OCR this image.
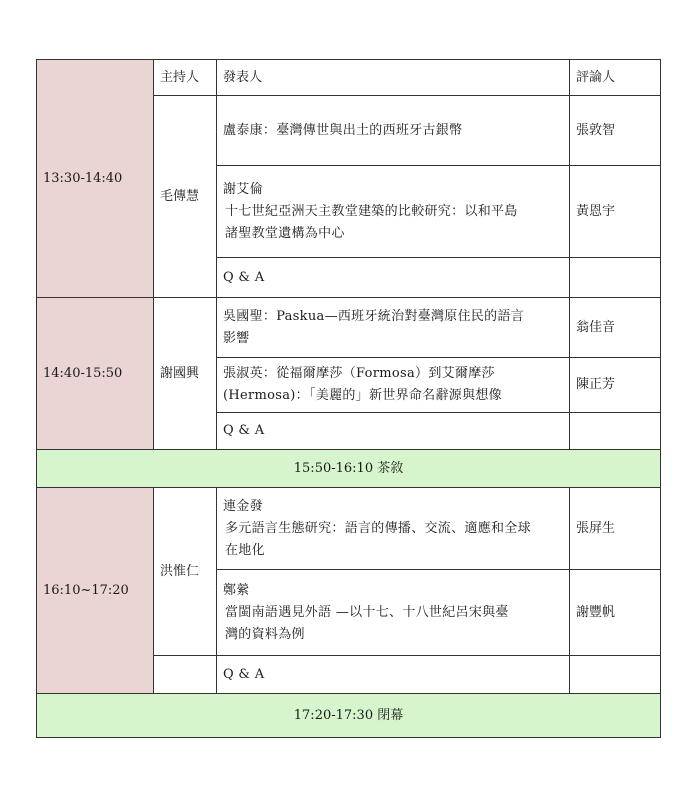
13:30-14:40	主持人	發表人	評論人
	毛傳慧	盧泰康：臺灣傳世與出土的西班牙古銀幣	張敦智

		謝艾倫
十七世紀亞洲天主教堂建築的比較研究：以和平島
諸聖教堂遺構為中心	黃恩宇
		Q & A	
14:40-15:50	謝國興	吳國聖：Paskua—西班牙統治對臺灣原住民的語言
影響	翁佳音

		張淑英：從福爾摩莎（Formosa）到艾爾摩莎
(Hermosa)：「美麗的」新世界命名辭源與想像	陳正芳
		Q & A	
15:50-16:10 茶敘			
16:10~17:20	洪惟仁	連金發
多元語言生態研究：語言的傳播、交流、適應和全球
在地化	張屏生

		鄭縈
當閩南語遇見外語 —以十七、十八世紀呂宋與臺
灣的資料為例	謝豐帆
		Q & A	
17:20-17:30 閉幕			
